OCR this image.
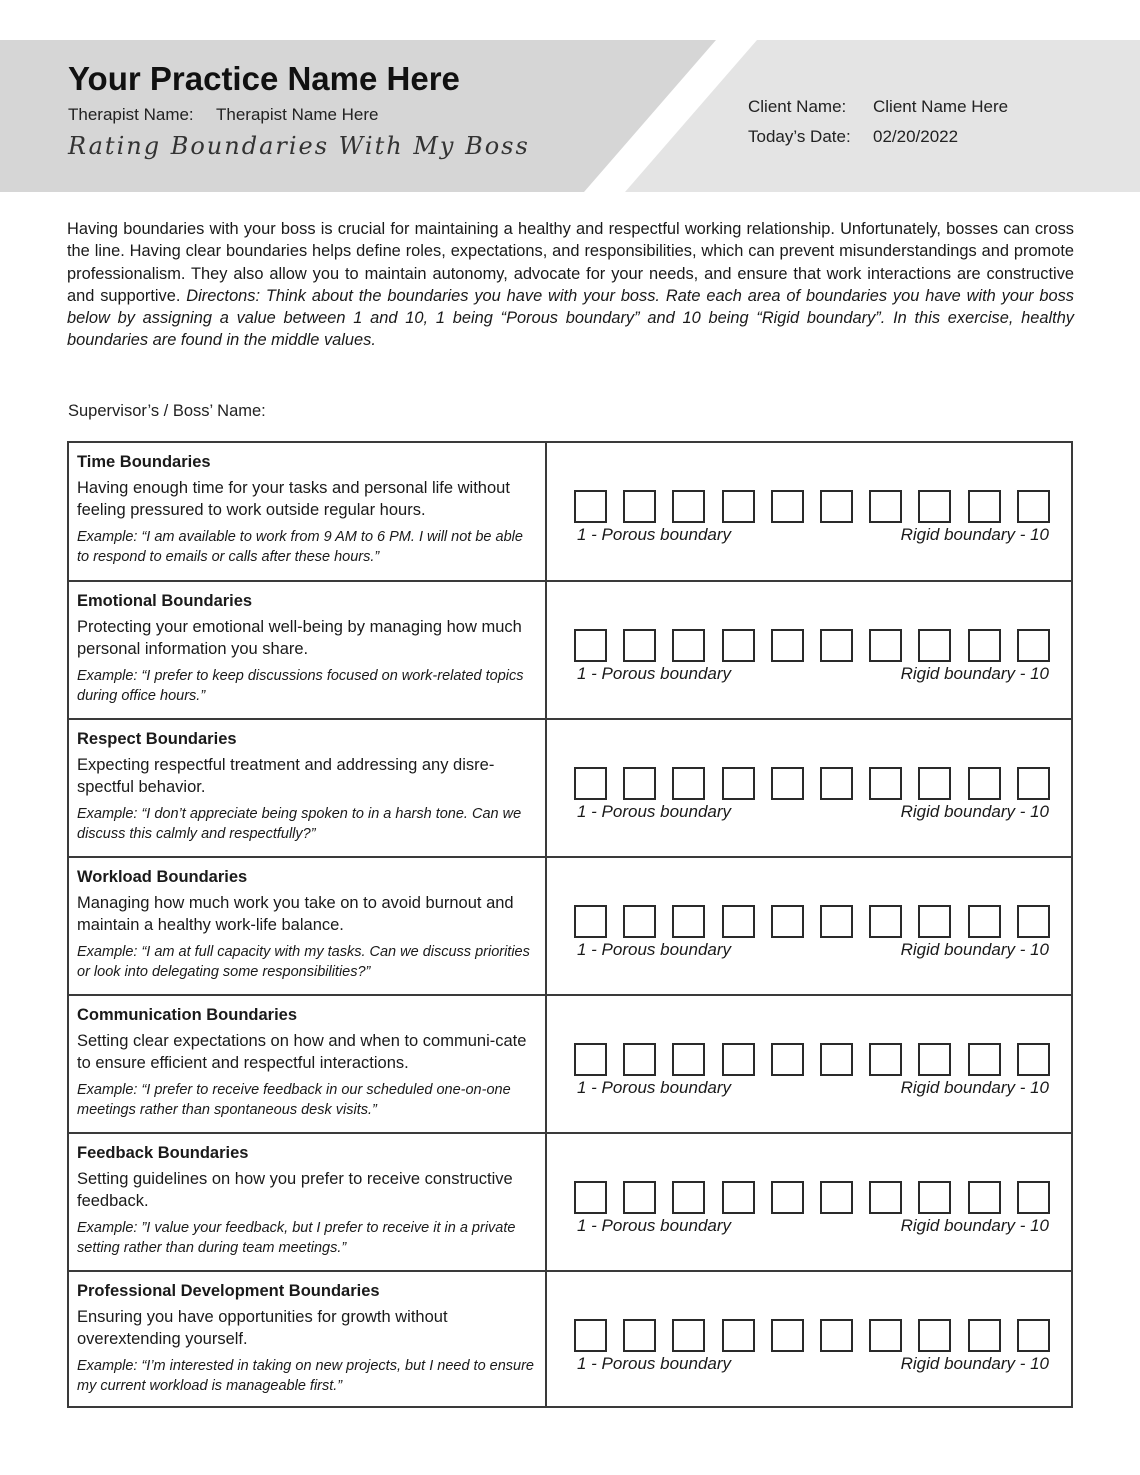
Your Practice Name Here
Therapist Name: Therapist Name Here
Rating Boundaries With My Boss
Client Name: Client Name Here
Today’s Date: 02/20/2022
Having boundaries with your boss is crucial for maintaining a healthy and respectful working relationship. Unfortunately, bosses can cross the line. Having clear boundaries helps define roles, expectations, and responsibilities, which can prevent misunderstandings and promote professionalism. They also allow you to maintain autonomy, advocate for your needs, and ensure that work interactions are constructive and supportive. Directons: Think about the boundaries you have with your boss. Rate each area of boundaries you have with your boss below by assigning a value between 1 and 10, 1 being “Porous boundary” and 10 being “Rigid boundary”. In this exercise, healthy boundaries are found in the middle values.
Supervisor’s / Boss’ Name:
Time Boundaries
Having enough time for your tasks and personal life without feeling pressured to work outside regular hours.
Example: “I am available to work from 9 AM to 6 PM. I will not be able to respond to emails or calls after these hours.”
1 - Porous boundary	Rigid boundary - 10
Emotional Boundaries
Protecting your emotional well-being by managing how much personal information you share.
Example: “I prefer to keep discussions focused on work-related topics during office hours.”
1 - Porous boundary	Rigid boundary - 10
Respect Boundaries
Expecting respectful treatment and addressing any disre-spectful behavior.
Example: “I don’t appreciate being spoken to in a harsh tone. Can we discuss this calmly and respectfully?”
1 - Porous boundary	Rigid boundary - 10
Workload Boundaries
Managing how much work you take on to avoid burnout and maintain a healthy work-life balance.
Example: “I am at full capacity with my tasks. Can we discuss priorities or look into delegating some responsibilities?”
1 - Porous boundary	Rigid boundary - 10
Communication Boundaries
Setting clear expectations on how and when to communi-cate to ensure efficient and respectful interactions.
Example: “I prefer to receive feedback in our scheduled one-on-one meetings rather than spontaneous desk visits.”
1 - Porous boundary	Rigid boundary - 10
Feedback Boundaries
Setting guidelines on how you prefer to receive constructive feedback.
Example: ”I value your feedback, but I prefer to receive it in a private setting rather than during team meetings.”
1 - Porous boundary	Rigid boundary - 10
Professional Development Boundaries
Ensuring you have opportunities for growth without overextending yourself.
Example: “I’m interested in taking on new projects, but I need to ensure my current workload is manageable first.”
1 - Porous boundary	Rigid boundary - 10
